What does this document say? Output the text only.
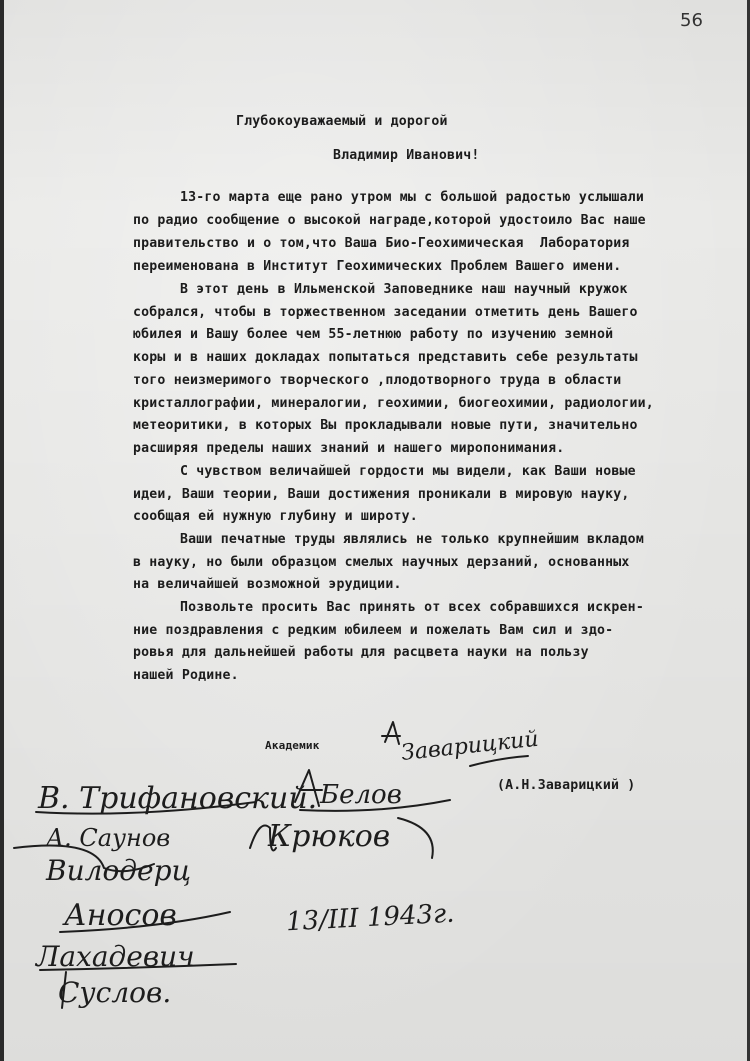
56
Глубокоуважаемый и дорогой
Владимир Иванович!
13-го марта еще рано утром мы с большой радостью услышали
по радио сообщение о высокой награде,которой удостоило Вас наше
правительство и о том,что Ваша Био-Геохимическая  Лаборатория
переименована в Институт Геохимических Проблем Вашего имени.
В этот день в Ильменской Заповеднике наш научный кружок
собрался, чтобы в торжественном заседании отметить день Вашего
юбилея и Вашу более чем 55-летнюю работу по изучению земной
коры и в наших докладах попытаться представить себе результаты
того неизмеримого творческого ,плодотворного труда в области
кристаллографии, минералогии, геохимии, биогеохимии, радиологии,
метеоритики, в которых Вы прокладывали новые пути, значительно
расширяя пределы наших знаний и нашего миропонимания.
С чувством величайшей гордости мы видели, как Ваши новые
идеи, Ваши теории, Ваши достижения проникали в мировую науку,
сообщая ей нужную глубину и широту.
Ваши печатные труды являлись не только крупнейшим вкладом
в науку, но были образцом смелых научных дерзаний, основанных
на величайшей возможной эрудиции.
Позвольте просить Вас принять от всех собравшихся искрен-
ние поздравления с редким юбилеем и пожелать Вам сил и здо-
ровья для дальнейшей работы для расцвета науки на пользу
нашей Родине.
Академик
(А.Н.Заварицкий )
Заварицкий
В. Трифановский. Белов
Крюков
А. Саунов
Вилодерц
Аносов
Лахадевич
Суслов.
13/III 1943г.
